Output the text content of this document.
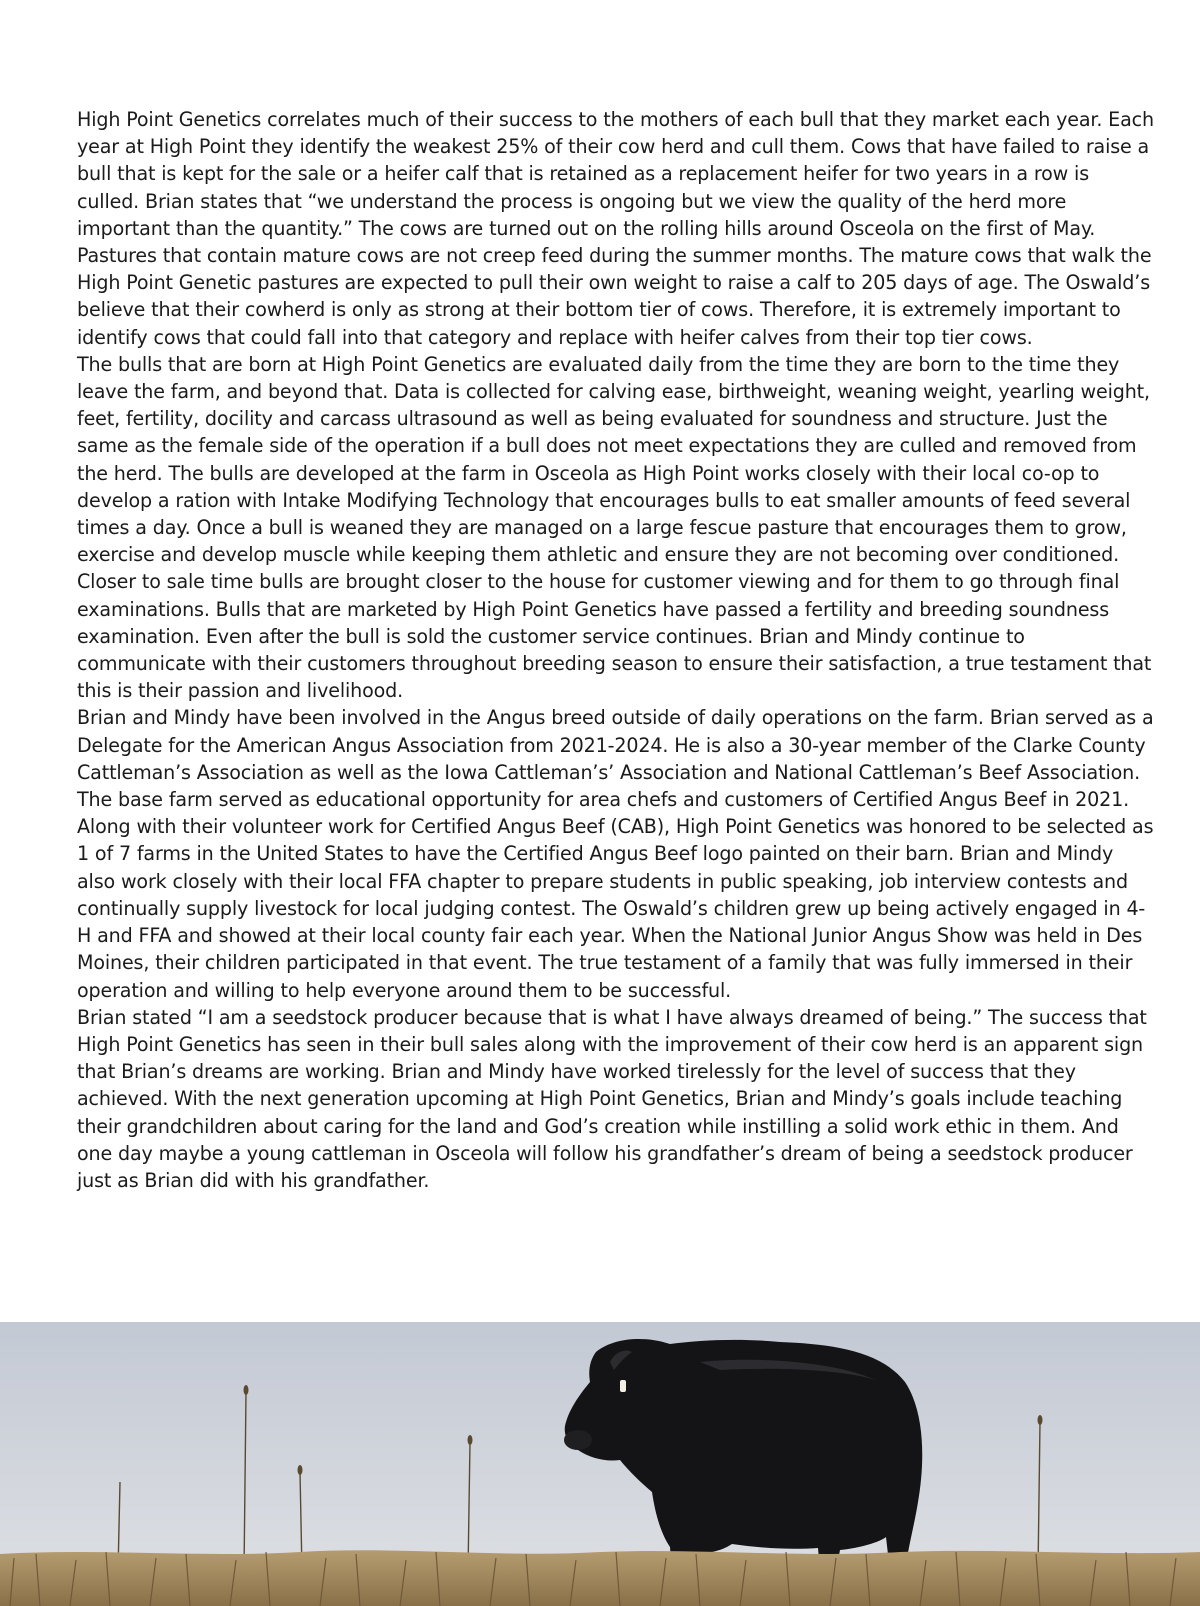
High Point Genetics correlates much of their success to the mothers of each bull that they market each year. Each year at High Point they identify the weakest 25% of their cow herd and cull them. Cows that have failed to raise a bull that is kept for the sale or a heifer calf that is retained as a replacement heifer for two years in a row is culled. Brian states that “we understand the process is ongoing but we view the quality of the herd more important than the quantity.” The cows are turned out on the rolling hills around Osceola on the first of May. Pastures that contain mature cows are not creep feed during the summer months. The mature cows that walk the High Point Genetic pastures are expected to pull their own weight to raise a calf to 205 days of age. The Oswald’s believe that their cowherd is only as strong at their bottom tier of cows. Therefore, it is extremely important to identify cows that could fall into that category and replace with heifer calves from their top tier cows.

The bulls that are born at High Point Genetics are evaluated daily from the time they are born to the time they leave the farm, and beyond that. Data is collected for calving ease, birthweight, weaning weight, yearling weight, feet, fertility, docility and carcass ultrasound as well as being evaluated for soundness and structure. Just the same as the female side of the operation if a bull does not meet expectations they are culled and removed from the herd. The bulls are developed at the farm in Osceola as High Point works closely with their local co-op to develop a ration with Intake Modifying Technology that encourages bulls to eat smaller amounts of feed several times a day. Once a bull is weaned they are managed on a large fescue pasture that encourages them to grow, exercise and develop muscle while keeping them athletic and ensure they are not becoming over conditioned. Closer to sale time bulls are brought closer to the house for customer viewing and for them to go through final examinations. Bulls that are marketed by High Point Genetics have passed a fertility and breeding soundness examination. Even after the bull is sold the customer service continues. Brian and Mindy continue to communicate with their customers throughout breeding season to ensure their satisfaction, a true testament that this is their passion and livelihood.

Brian and Mindy have been involved in the Angus breed outside of daily operations on the farm. Brian served as a Delegate for the American Angus Association from 2021-2024. He is also a 30-year member of the Clarke County Cattleman’s Association as well as the Iowa Cattleman’s’ Association and National Cattleman’s Beef Association. The base farm served as educational opportunity for area chefs and customers of Certified Angus Beef in 2021. Along with their volunteer work for Certified Angus Beef (CAB), High Point Genetics was honored to be selected as 1 of 7 farms in the United States to have the Certified Angus Beef logo painted on their barn. Brian and Mindy also work closely with their local FFA chapter to prepare students in public speaking, job interview contests and continually supply livestock for local judging contest. The Oswald’s children grew up being actively engaged in 4-H and FFA and showed at their local county fair each year. When the National Junior Angus Show was held in Des Moines, their children participated in that event. The true testament of a family that was fully immersed in their operation and willing to help everyone around them to be successful.

Brian stated “I am a seedstock producer because that is what I have always dreamed of being.” The success that High Point Genetics has seen in their bull sales along with the improvement of their cow herd is an apparent sign that Brian’s dreams are working. Brian and Mindy have worked tirelessly for the level of success that they achieved. With the next generation upcoming at High Point Genetics, Brian and Mindy’s goals include teaching their grandchildren about caring for the land and God’s creation while instilling a solid work ethic in them. And one day maybe a young cattleman in Osceola will follow his grandfather’s dream of being a seedstock producer just as Brian did with his grandfather.
